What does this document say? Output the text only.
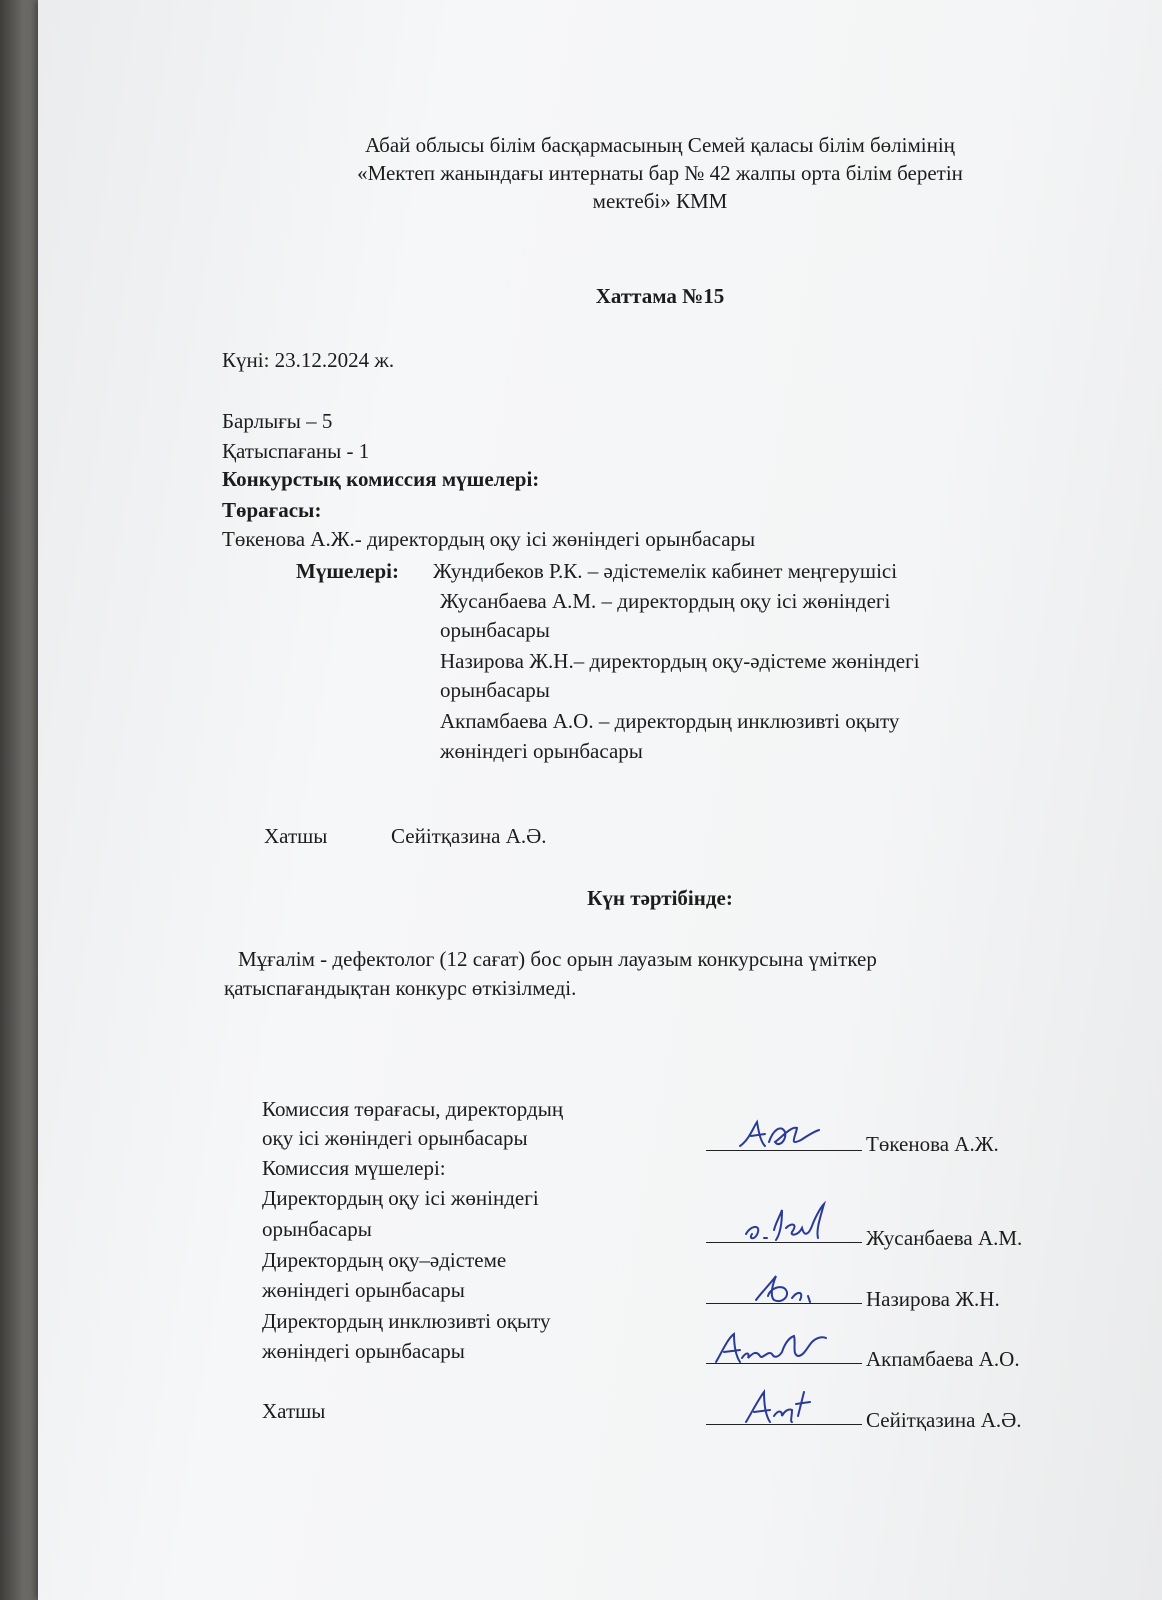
Абай облысы білім басқармасының Семей қаласы білім бөлімінің
«Мектеп жанындағы интернаты бар № 42 жалпы орта білім беретін
мектебі» КММ
Хаттама №15
Күні: 23.12.2024 ж.
Барлығы – 5
Қатыспағаны - 1
Конкурстық комиссия мүшелері:
Төрағасы:
Төкенова А.Ж.- директордың оқу ісі жөніндегі орынбасары
Мүшелері: Жундибеков Р.К. – әдістемелік кабинет меңгерушісі
Жусанбаева А.М. – директордың оқу ісі жөніндегі
орынбасары
Назирова Ж.Н.– директордың оқу-әдістеме жөніндегі
орынбасары
Акпамбаева А.О. – директордың инклюзивті оқыту
жөніндегі орынбасары
Хатшы	Сейітқазина А.Ә.
Күн тәртібінде:
Мұғалім - дефектолог (12 сағат) бос орын лауазым конкурсына үміткер
қатыспағандықтан конкурс өткізілмеді.
Комиссия төрағасы, директордың
оқу ісі жөніндегі орынбасары
Комиссия мүшелері:
Директордың оқу ісі жөніндегі
орынбасары
Директордың оқу–әдістеме
жөніндегі орынбасары
Директордың инклюзивті оқыту
жөніндегі орынбасары
Хатшы
Төкенова А.Ж.
Жусанбаева А.М.
Назирова Ж.Н.
Акпамбаева А.О.
Сейітқазина А.Ә.
